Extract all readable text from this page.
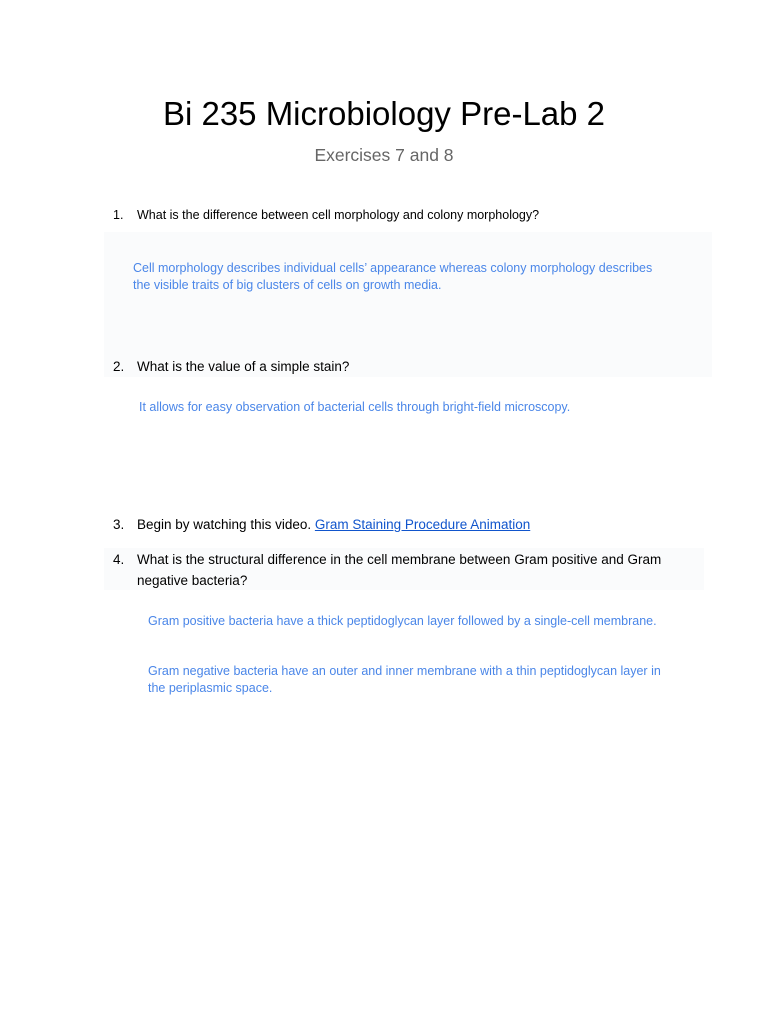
Bi 235 Microbiology Pre-Lab 2
Exercises 7 and 8
1. What is the difference between cell morphology and colony morphology?
Cell morphology describes individual cells’ appearance whereas colony morphology describes the visible traits of big clusters of cells on growth media.
2. What is the value of a simple stain?
It allows for easy observation of bacterial cells through bright-field microscopy.
3. Begin by watching this video. Gram Staining Procedure Animation
4. What is the structural difference in the cell membrane between Gram positive and Gram negative bacteria?
Gram positive bacteria have a thick peptidoglycan layer followed by a single-cell membrane.
Gram negative bacteria have an outer and inner membrane with a thin peptidoglycan layer in the periplasmic space.
